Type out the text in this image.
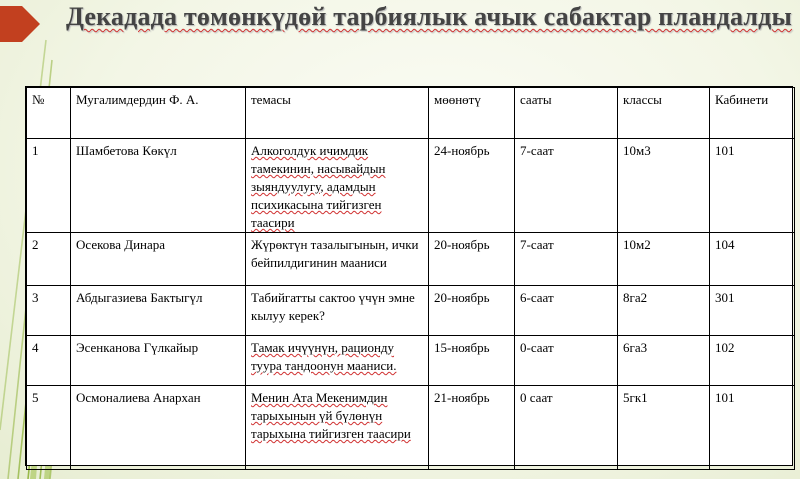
Декадада төмөнкүдөй тарбиялык ачык сабактар пландалды
№	Мугалимдердин Ф. А.	темасы	мөөнөтү	сааты	классы	Кабинети
1	Шамбетова Көкүл	Алкоголдук ичимдик тамекинин, насывайдын зыяндуулугу, адамдын психикасына тийгизген таасири	24-ноябрь	7-саат	10м3	101
2	Осекова Динара	Жүрөктүн тазалыгынын, ички бейпилдигинин мааниси	20-ноябрь	7-саат	10м2	104
3	Абдыгазиева Бактыгүл	Табийгатты сактоо үчүн эмне кылуу керек?	20-ноябрь	6-саат	8га2	301
4	Эсенканова Гүлкайыр	Тамак ичүүнүн, рационду туура тандоонун мааниси.	15-ноябрь	0-саат	6га3	102
5	Осмоналиева Анархан	Менин Ата Мекенимдин тарыхынын үй бүлөнүн тарыхына тийгизген таасири	21-ноябрь	0 саат	5гк1	101
